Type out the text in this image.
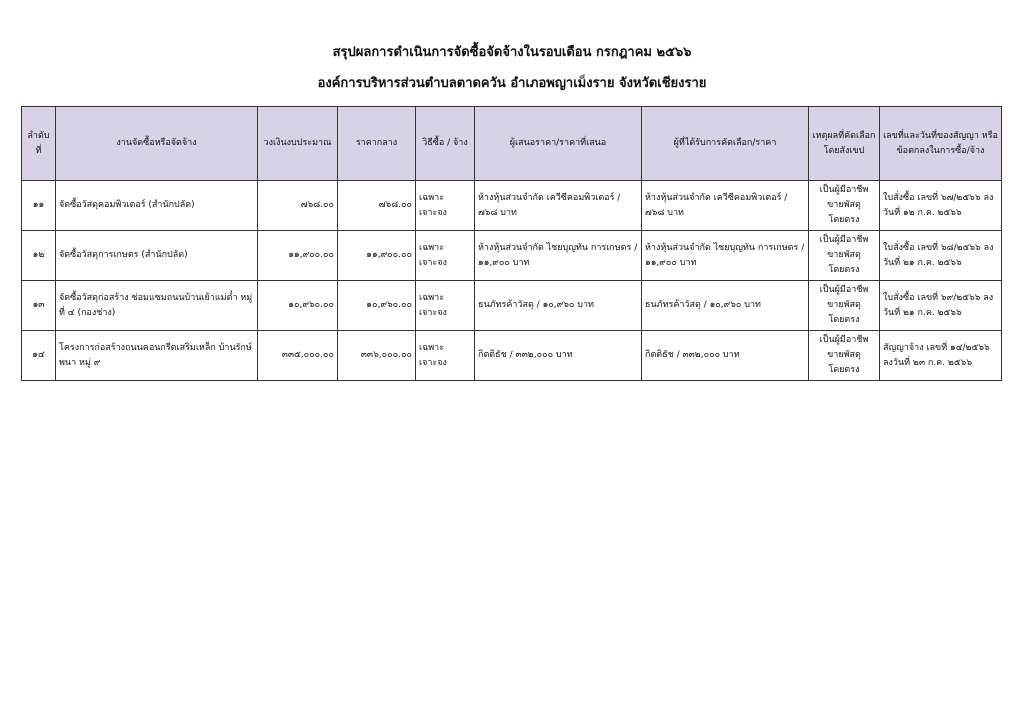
สรุปผลการดำเนินการจัดซื้อจัดจ้างในรอบเดือน กรกฎาคม ๒๕๖๖
องค์การบริหารส่วนตำบลตาดควัน อำเภอพญาเม็งราย จังหวัดเชียงราย
ลำดับที่	งานจัดซื้อหรือจัดจ้าง	วงเงินงบประมาณ	ราคากลาง	วิธีซื้อ / จ้าง	ผู้เสนอราคา/ราคาที่เสนอ	ผู้ที่ได้รับการคัดเลือก/ราคา	เหตุผลที่คัดเลือก โดยสังเขป	เลขที่และวันที่ของสัญญา หรือข้อตกลงในการซื้อ/จ้าง
๑๑	จัดซื้อวัสดุคอมพิวเตอร์ (สำนักปลัด)	๗๖๘.๐๐	๗๖๘.๐๐	เฉพาะเจาะจง	ห้างหุ้นส่วนจำกัด เควีซีคอมพิวเตอร์ / ๗๖๘ บาท	ห้างหุ้นส่วนจำกัด เควีซีคอมพิวเตอร์ / ๗๖๘ บาท	เป็นผู้มีอาชีพ ขายพัสดุโดยตรง	ใบสั่งซื้อ เลขที่ ๖๗/๒๕๖๖ ลงวันที่ ๑๒ ก.ค. ๒๕๖๖
๑๒	จัดซื้อวัสดุการเกษตร (สำนักปลัด)	๑๑,๙๐๐.๐๐	๑๑,๙๐๐.๐๐	เฉพาะเจาะจง	ห้างหุ้นส่วนจำกัด ไชยบุญทัน การเกษตร / ๑๑,๙๐๐ บาท	ห้างหุ้นส่วนจำกัด ไชยบุญทัน การเกษตร / ๑๑,๙๐๐ บาท	เป็นผู้มีอาชีพ ขายพัสดุโดยตรง	ใบสั่งซื้อ เลขที่ ๖๘/๒๕๖๖ ลงวันที่ ๒๑ ก.ค. ๒๕๖๖
๑๓	จัดซื้อวัสดุก่อสร้าง ซ่อมแซมถนนบ้านเย้าแม่ต๋ำ หมู่ที่ ๔ (กองช่าง)	๑๐,๙๖๐.๐๐	๑๐,๙๖๐.๐๐	เฉพาะเจาะจง	ธนภัทรค้าวัสดุ / ๑๐,๙๖๐ บาท	ธนภัทรค้าวัสดุ / ๑๐,๙๖๐ บาท	เป็นผู้มีอาชีพ ขายพัสดุโดยตรง	ใบสั่งซื้อ เลขที่ ๖๙/๒๕๖๖ ลงวันที่ ๒๑ ก.ค. ๒๕๖๖
๑๔	โครงการก่อสร้างถนนคอนกรีตเสริมเหล็ก บ้านรักษ์พนา หมู่ ๙	๓๓๕,๐๐๐.๐๐	๓๓๖,๐๐๐.๐๐	เฉพาะเจาะจง	กิตติธัช / ๓๓๒,๐๐๐ บาท	กิตติธัช / ๓๓๒,๐๐๐ บาท	เป็นผู้มีอาชีพ ขายพัสดุโดยตรง	สัญญาจ้าง เลขที่ ๑๔/๒๕๖๖ ลงวันที่ ๒๓ ก.ค. ๒๕๖๖
